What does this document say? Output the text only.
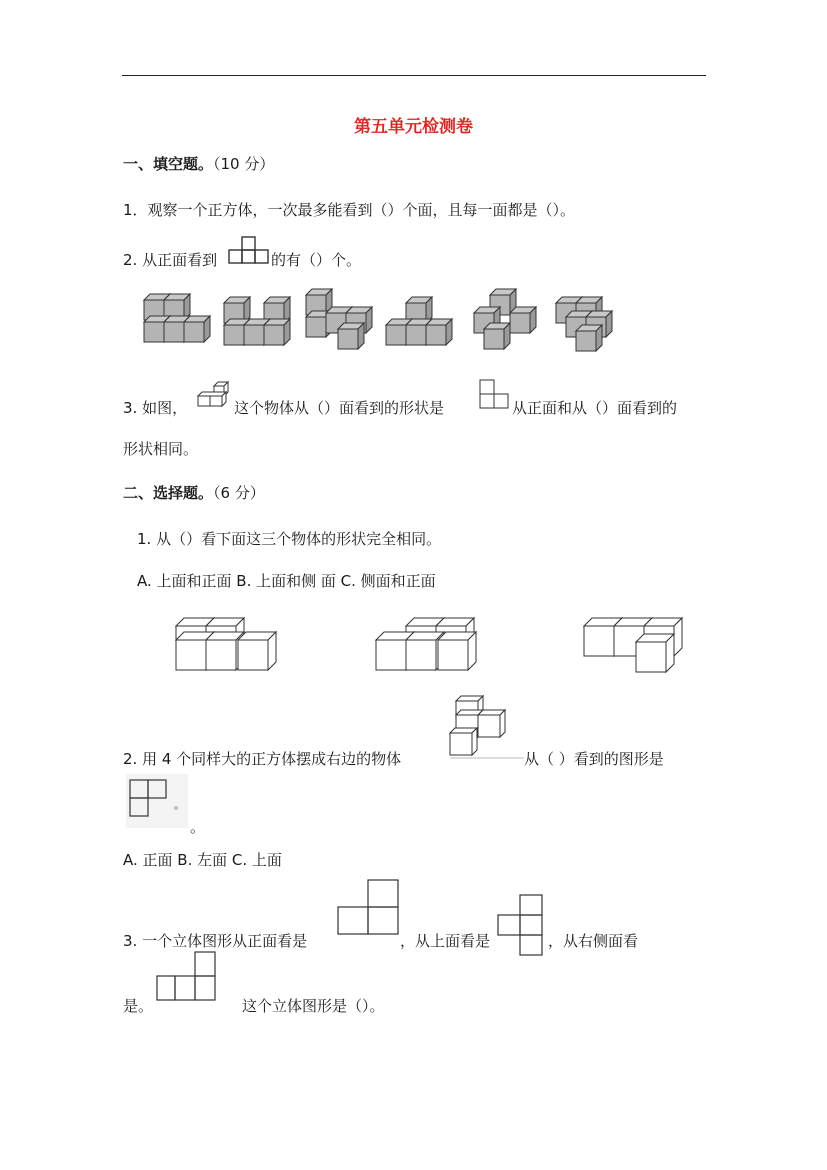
第五单元检测卷
一、填空题。（10 分）
1．观察一个正方体，一次最多能看到（）个面，且每一面都是（）。
2. 从正面看到	的有（）个。
3. 如图，	这个物体从（）面看到的形状是	从正面和从（）面看到的
形状相同。
二、选择题。（6 分）
1. 从（）看下面这三个物体的形状完全相同。
A. 上面和正面 B. 上面和侧 面 C. 侧面和正面
2. 用 4 个同样大的正方体摆成右边的物体	从（ ）看到的图形是
。
A. 正面 B. 左面 C. 上面
3. 一个立体图形从正面看是	，从上面看是	，从右侧面看
是。	这个立体图形是（）。
